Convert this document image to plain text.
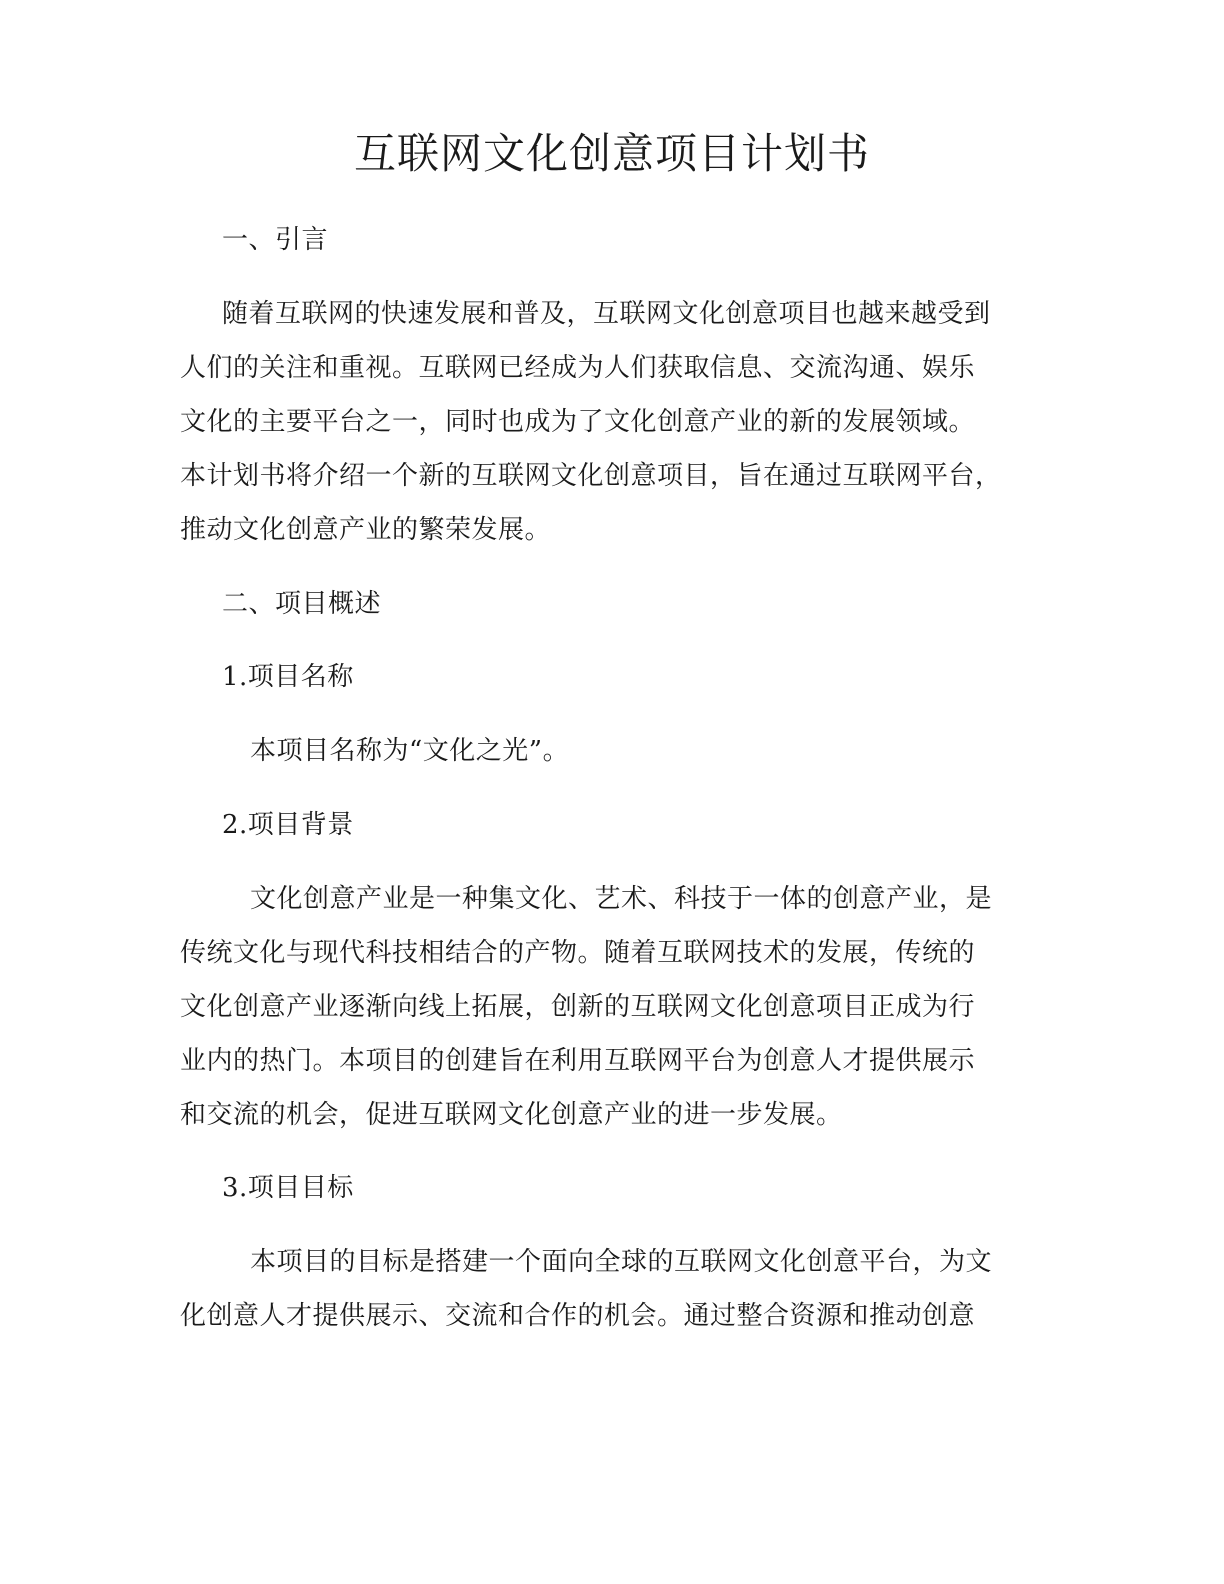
互联网文化创意项目计划书
一、引言
随着互联网的快速发展和普及，互联网文化创意项目也越来越受到
人们的关注和重视。互联网已经成为人们获取信息、交流沟通、娱乐
文化的主要平台之一，同时也成为了文化创意产业的新的发展领域。
本计划书将介绍一个新的互联网文化创意项目，旨在通过互联网平台，
推动文化创意产业的繁荣发展。
二、项目概述
1.项目名称
本项目名称为“文化之光”。
2.项目背景
文化创意产业是一种集文化、艺术、科技于一体的创意产业，是
传统文化与现代科技相结合的产物。随着互联网技术的发展，传统的
文化创意产业逐渐向线上拓展，创新的互联网文化创意项目正成为行
业内的热门。本项目的创建旨在利用互联网平台为创意人才提供展示
和交流的机会，促进互联网文化创意产业的进一步发展。
3.项目目标
本项目的目标是搭建一个面向全球的互联网文化创意平台，为文
化创意人才提供展示、交流和合作的机会。通过整合资源和推动创意
